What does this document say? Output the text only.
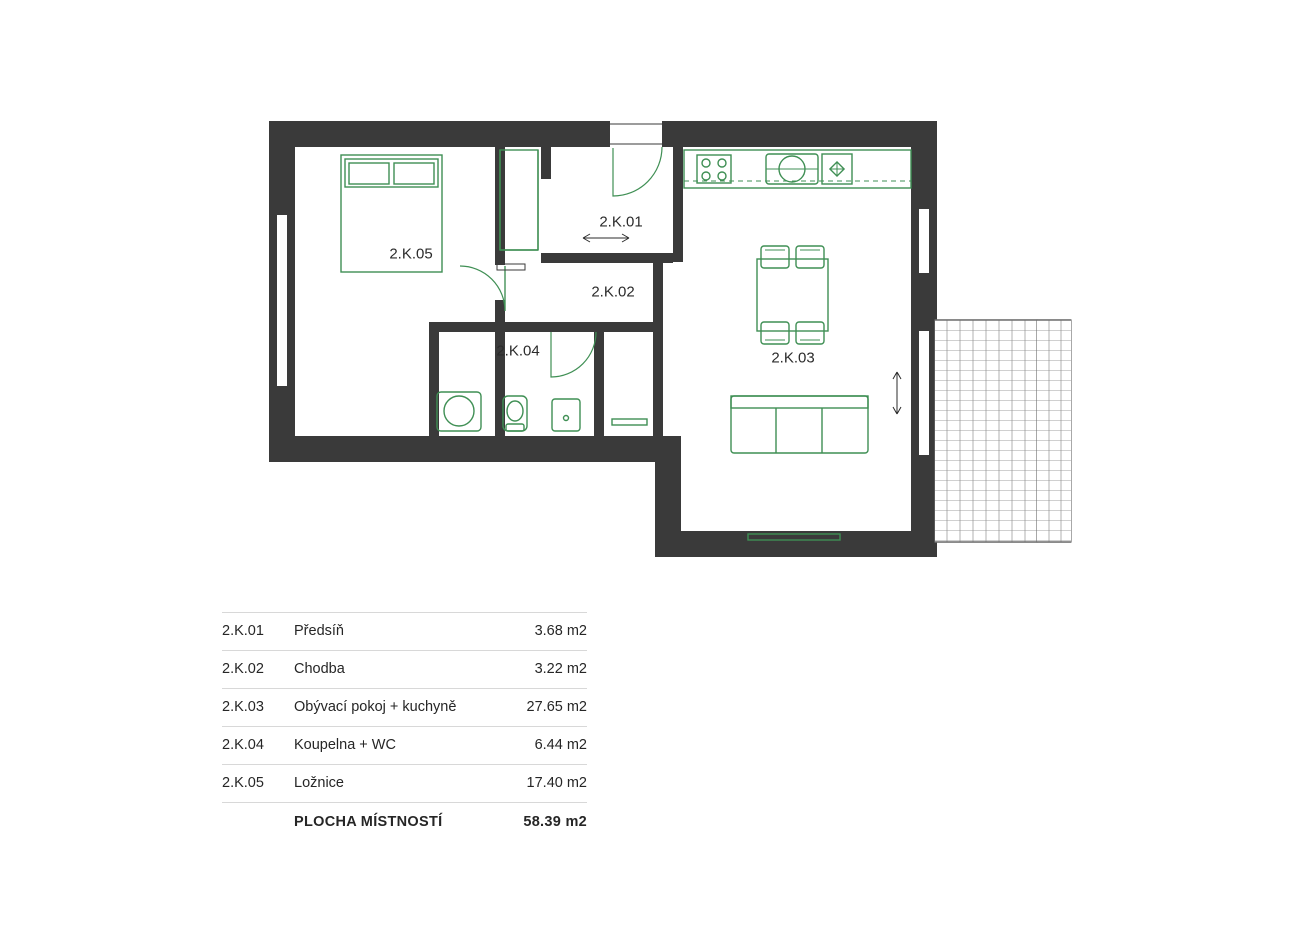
2.K.01
2.K.02
2.K.03
2.K.04
2.K.05
2.K.01	Předsíň	3.68 m2
2.K.02	Chodba	3.22 m2
2.K.03	Obývací pokoj + kuchyně	27.65 m2
2.K.04	Koupelna + WC	6.44 m2
2.K.05	Ložnice	17.40 m2
	PLOCHA MÍSTNOSTÍ	58.39 m2
